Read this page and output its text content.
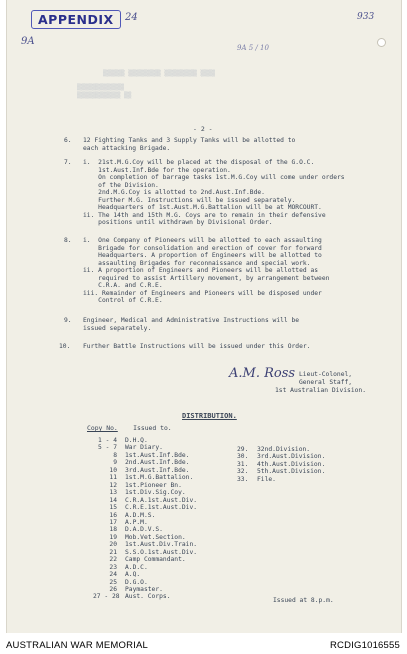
▒▒▒▒▒▒ ▒▒▒▒▒▒▒▒▒ ▒▒▒▒▒▒▒▒▒ ▒▒▒▒
▒▒▒▒▒▒▒▒▒▒▒▒▒
▒▒▒▒▒▒▒▒▒▒▒▒ ▒▒
APPENDIX	24
9A
933
9A 5 / 10
- 2 -
6. 12 Fighting Tanks and 3 Supply Tanks will be allotted to
each attacking Brigade.
7. i.  21st.M.G.Coy will be placed at the disposal of the G.O.C.
1st.Aust.Inf.Bde for the operation.
On completion of barrage tasks 1st.M.G.Coy will come under orders
of the Division.
2nd.M.G.Coy is allotted to 2nd.Aust.Inf.Bde.
Further M.G. Instructions will be issued separately.
Headquarters of 1st.Aust.M.G.Battalion will be at MORCOURT.
ii. The 14th and 15th M.G. Coys are to remain in their defensive
positions until withdrawn by Divisional Order.
8. i.  One Company of Pioneers will be allotted to each assaulting
Brigade for consolidation and erection of cover for forward
Headquarters. A proportion of Engineers will be allotted to
assaulting Brigades for reconnaissance and special work.
ii. A proportion of Engineers and Pioneers will be allotted as
required to assist Artillery movement, by arrangement between
C.R.A. and C.R.E.
iii. Remainder of Engineers and Pioneers will be disposed under
Control of C.R.E.
9. Engineer, Medical and Administrative Instructions will be
issued separately.
10. Further Battle Instructions will be issued under this Order.
A.M. Ross Lieut-Colonel,
General Staff,
1st Australian Division.
DISTRIBUTION.
Copy No. Issued to.
1 - 4 D.H.Q.
5 - 7 War Diary.
8 1st.Aust.Inf.Bde.
9 2nd.Aust.Inf.Bde.
10 3rd.Aust.Inf.Bde.
11 1st.M.G.Battalion.
12 1st.Pioneer Bn.
13 1st.Div.Sig.Coy.
14 C.R.A.1st.Aust.Div.
15 C.R.E.1st.Aust.Div.
16 A.D.M.S.
17 A.P.M.
18 D.A.D.V.S.
19 Mob.Vet.Section.
20 1st.Aust.Div.Train.
21 S.S.O.1st.Aust.Div.
22 Camp Commandant.
23 A.D.C.
24 A.Q.
25 D.G.O.
26 Paymaster.
27 - 28 Aust. Corps.
29. 32nd.Division.
30. 3rd.Aust.Division.
31. 4th.Aust.Division.
32. 5th.Aust.Division.
33. File.
Issued at 8.p.m.
AUSTRALIAN WAR MEMORIAL	RCDIG1016555
